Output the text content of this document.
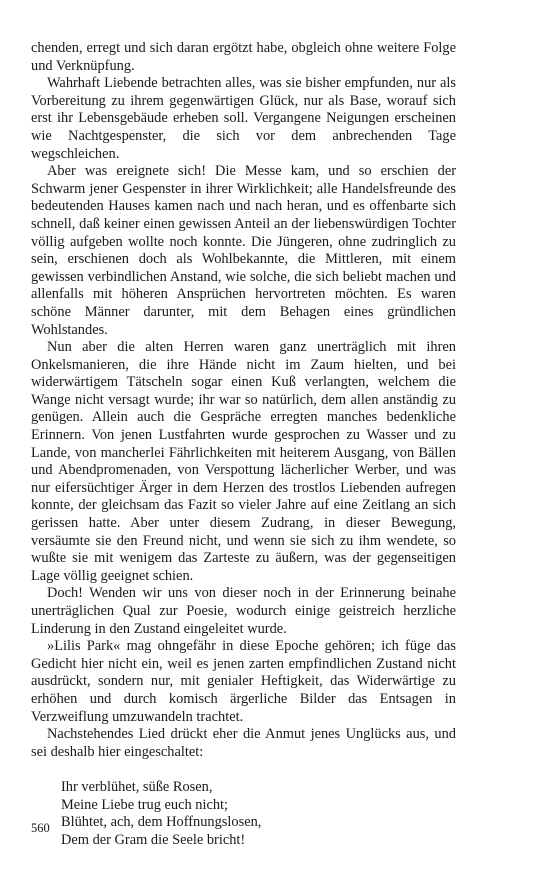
chenden, erregt und sich daran ergötzt habe, obgleich ohne weitere Folge und Verknüpfung.

Wahrhaft Liebende betrachten alles, was sie bisher empfunden, nur als Vorbereitung zu ihrem gegenwärtigen Glück, nur als Base, worauf sich erst ihr Lebensgebäude erheben soll. Vergangene Neigungen erscheinen wie Nachtgespenster, die sich vor dem anbrechenden Tage wegschleichen.

Aber was ereignete sich! Die Messe kam, und so erschien der Schwarm jener Gespenster in ihrer Wirklichkeit; alle Handelsfreunde des bedeutenden Hauses kamen nach und nach heran, und es offenbarte sich schnell, daß keiner einen gewissen Anteil an der liebenswürdigen Tochter völlig aufgeben wollte noch konnte. Die Jüngeren, ohne zudringlich zu sein, erschienen doch als Wohlbekannte, die Mittleren, mit einem gewissen verbindlichen Anstand, wie solche, die sich beliebt machen und allenfalls mit höheren Ansprüchen hervortreten möchten. Es waren schöne Männer darunter, mit dem Behagen eines gründlichen Wohlstandes.

Nun aber die alten Herren waren ganz unerträglich mit ihren Onkelsmanieren, die ihre Hände nicht im Zaum hielten, und bei widerwärtigem Tätscheln sogar einen Kuß verlangten, welchem die Wange nicht versagt wurde; ihr war so natürlich, dem allen anständig zu genügen. Allein auch die Gespräche erregten manches bedenkliche Erinnern. Von jenen Lustfahrten wurde gesprochen zu Wasser und zu Lande, von mancherlei Fährlichkeiten mit heiterem Ausgang, von Bällen und Abendpromenaden, von Verspottung lächerlicher Werber, und was nur eifersüchtiger Ärger in dem Herzen des trostlos Liebenden aufregen konnte, der gleichsam das Fazit so vieler Jahre auf eine Zeitlang an sich gerissen hatte. Aber unter diesem Zudrang, in dieser Bewegung, versäumte sie den Freund nicht, und wenn sie sich zu ihm wendete, so wußte sie mit wenigem das Zarteste zu äußern, was der gegenseitigen Lage völlig geeignet schien.

Doch! Wenden wir uns von dieser noch in der Erinnerung beinahe unerträglichen Qual zur Poesie, wodurch einige geistreich herzliche Linderung in den Zustand eingeleitet wurde.

»Lilis Park« mag ohngefähr in diese Epoche gehören; ich füge das Gedicht hier nicht ein, weil es jenen zarten empfindlichen Zustand nicht ausdrückt, sondern nur, mit genialer Heftigkeit, das Widerwärtige zu erhöhen und durch komisch ärgerliche Bilder das Entsagen in Verzweiflung umzuwandeln trachtet.

Nachstehendes Lied drückt eher die Anmut jenes Unglücks aus, und sei deshalb hier eingeschaltet:

Ihr verblühet, süße Rosen,
Meine Liebe trug euch nicht;
Blühtet, ach, dem Hoffnungslosen,
Dem der Gram die Seele bricht!
560
